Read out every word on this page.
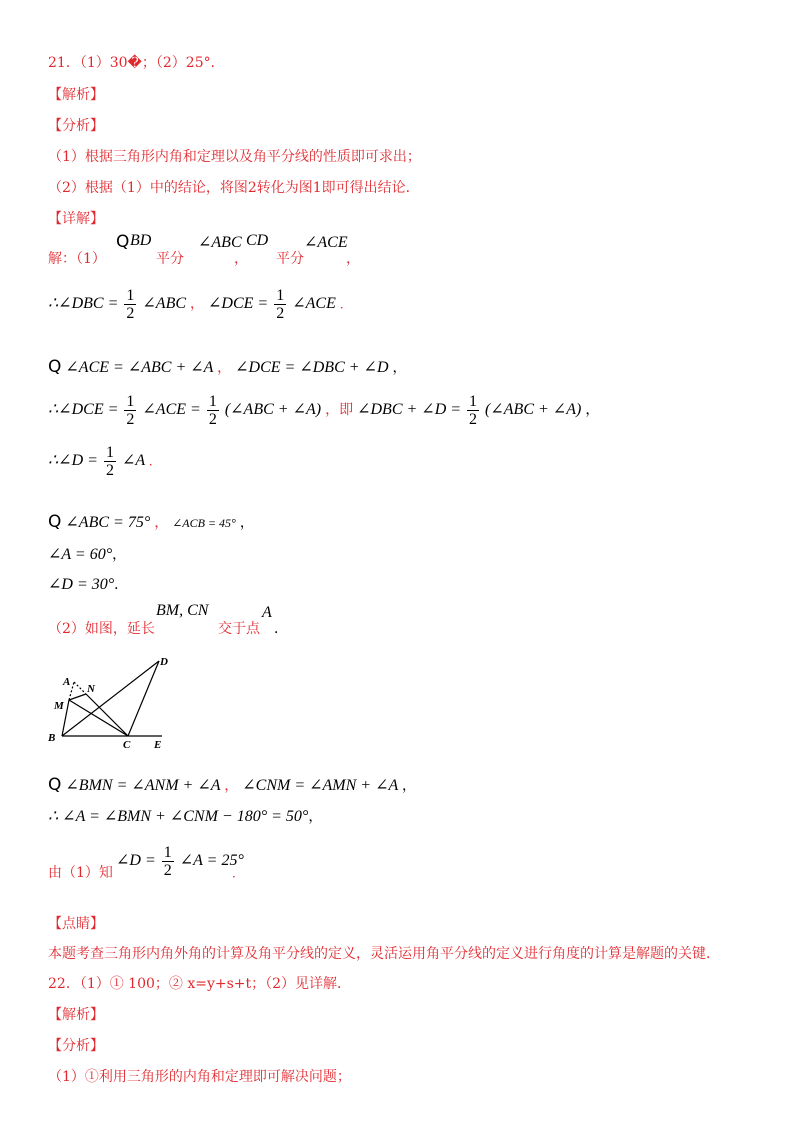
21．（1）30�；（2）25°．
【解析】
【分析】
（1）根据三角形内角和定理以及角平分线的性质即可求出；
（2）根据（1）中的结论，将图2转化为图1即可得出结论．
【详解】
解：（1）
Q BD
平分
∠ABC
，
CD
平分
∠ACE
，
∴∠DBC = $\frac{1}{2}$ ∠ABC ， ∠DCE = $\frac{1}{2}$ ∠ACE ．
Q ∠ACE = ∠ABC + ∠A ， ∠DCE = ∠DBC + ∠D ，
∴∠DCE = $\frac{1}{2}$ ∠ACE = $\frac{1}{2}$ (∠ABC + ∠A) ，即 ∠DBC + ∠D = $\frac{1}{2}$ (∠ABC + ∠A) ，
∴∠D = $\frac{1}{2}$ ∠A ．
Q ∠ABC = 75° ， ∠ACB = 45° ，
∠A = 60°，
∠D = 30°．
（2）如图，延长
BM, CN
交于点
A
．
A
N
M
B
C E
D
Q ∠BMN = ∠ANM + ∠A ， ∠CNM = ∠AMN + ∠A ，
∴ ∠A = ∠BMN + ∠CNM − 180° = 50°，
由（1）知
∠D = $\frac{1}{2}$ ∠A = 25°
．
【点睛】
本题考查三角形内角外角的计算及角平分线的定义，灵活运用角平分线的定义进行角度的计算是解题的关键．
22．（1）① 100；② x=y+s+t；（2）见详解．
【解析】
【分析】
（1）①利用三角形的内角和定理即可解决问题；
